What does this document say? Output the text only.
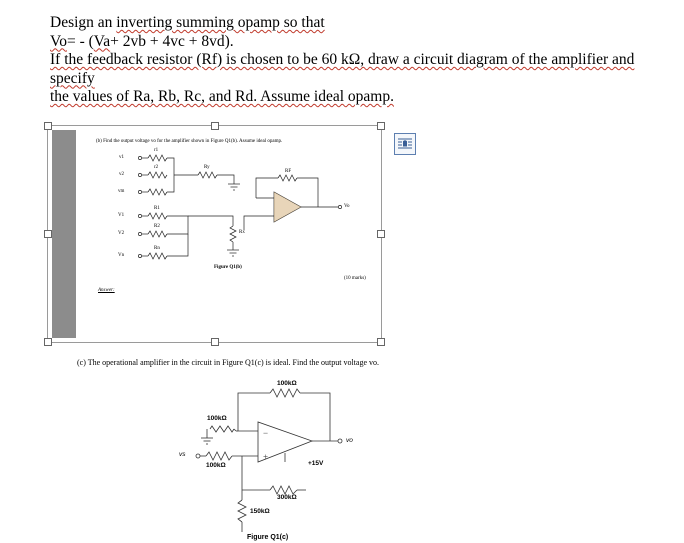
Design an inverting summing opamp so that
Vo= - (Va+ 2vb + 4vc + 8vd).
If the feedback resistor (Rf) is chosen to be 60 kΩ, draw a circuit diagram of the amplifier and
specify
the values of Ra, Rb, Rc, and Rd. Assume ideal opamp.
(b) Find the output voltage vo for the amplifier shown in Figure Q1(b). Assume ideal opamp.
v1
v2
vm
r1
r2	Ry
RF
V1
V2
Vn
R1
R2
Rn
Rx
Vo
Figure Q1(b)
(10 marks)
Answer:
−
+
(c) The operational amplifier in the circuit in Figure Q1(c) is ideal. Find the output voltage vo.
100kΩ
100kΩ
100kΩ
300kΩ
150kΩ
+15V
vs
vo
Figure Q1(c)
